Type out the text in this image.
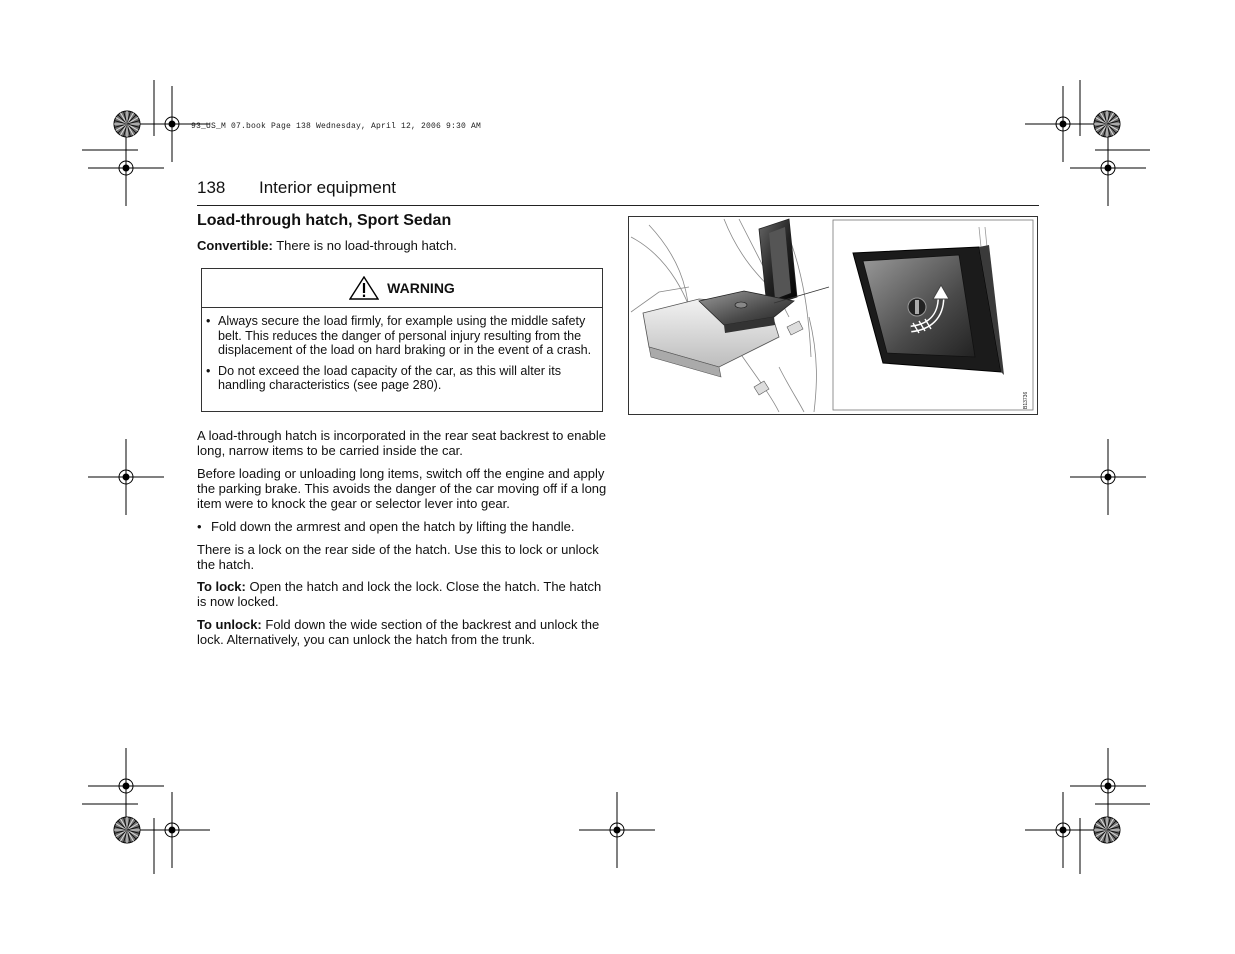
93_US_M 07.book Page 138 Wednesday, April 12, 2006 9:30 AM
138 Interior equipment
Load-through hatch, Sport Sedan
Convertible: There is no load-through hatch.
WARNING
• Always secure the load firmly, for example using the middle safety belt. This reduces the danger of personal injury resulting from the displacement of the load on hard braking or in the event of a crash.
• Do not exceed the load capacity of the car, as this will alter its handling characteristics (see page 280).
A load-through hatch is incorporated in the rear seat backrest to enable long, narrow items to be carried inside the car.
Before loading or unloading long items, switch off the engine and apply the parking brake. This avoids the danger of the car moving off if a long item were to knock the gear or selector lever into gear.
• Fold down the armrest and open the hatch by lifting the handle.
There is a lock on the rear side of the hatch. Use this to lock or unlock the hatch.
To lock: Open the hatch and lock the lock. Close the hatch. The hatch is now locked.
To unlock: Fold down the wide section of the backrest and unlock the lock. Alternatively, you can unlock the hatch from the trunk.
B13736
